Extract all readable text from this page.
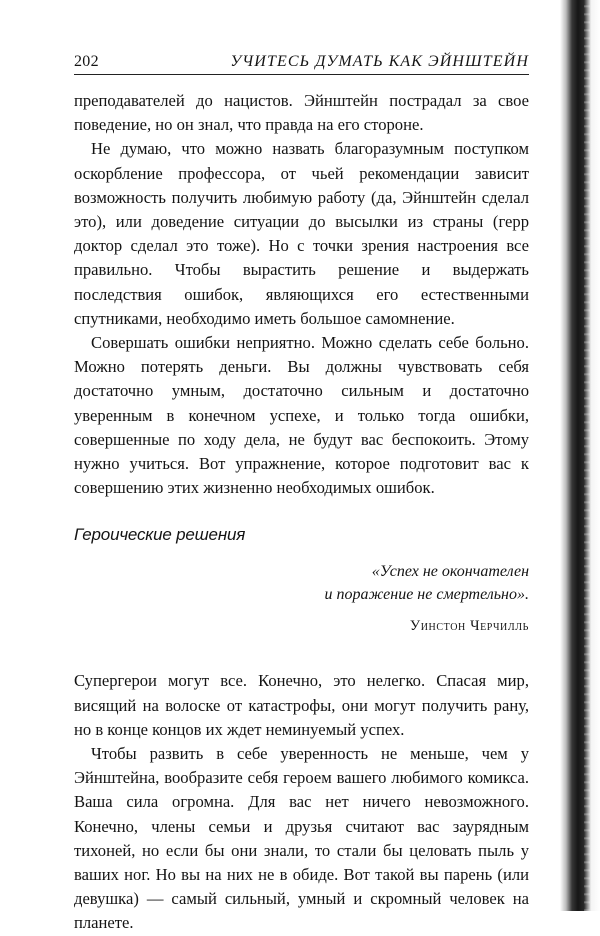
202	УЧИТЕСЬ ДУМАТЬ КАК ЭЙНШТЕЙН

преподавателей до нацистов. Эйнштейн пострадал за свое поведение, но он знал, что правда на его стороне.

Не думаю, что можно назвать благоразумным поступком оскорбление профессора, от чьей рекомендации зависит возможность получить любимую работу (да, Эйнштейн сделал это), или доведение ситуации до высылки из страны (герр доктор сделал это тоже). Но с точки зрения настроения все правильно. Чтобы вырастить решение и выдержать последствия ошибок, являющихся его естественными спутниками, необходимо иметь большое самомнение.

Совершать ошибки неприятно. Можно сделать себе больно. Можно потерять деньги. Вы должны чувствовать себя достаточно умным, достаточно сильным и достаточно уверенным в конечном успехе, и только тогда ошибки, совершенные по ходу дела, не будут вас беспокоить. Этому нужно учиться. Вот упражнение, которое подготовит вас к совершению этих жизненно необходимых ошибок.

Героические решения
«Успех не окончателен
и поражение не смертельно».
Уинстон Черчилль

Супергерои могут все. Конечно, это нелегко. Спасая мир, висящий на волоске от катастрофы, они могут получить рану, но в конце концов их ждет неминуемый успех.

Чтобы развить в себе уверенность не меньше, чем у Эйнштейна, вообразите себя героем вашего любимого комикса. Ваша сила огромна. Для вас нет ничего невозможного. Конечно, члены семьи и друзья считают вас заурядным тихоней, но если бы они знали, то стали бы целовать пыль у ваших ног. Но вы на них не в обиде. Вот такой вы парень (или девушка) — самый сильный, умный и скромный человек на планете.
